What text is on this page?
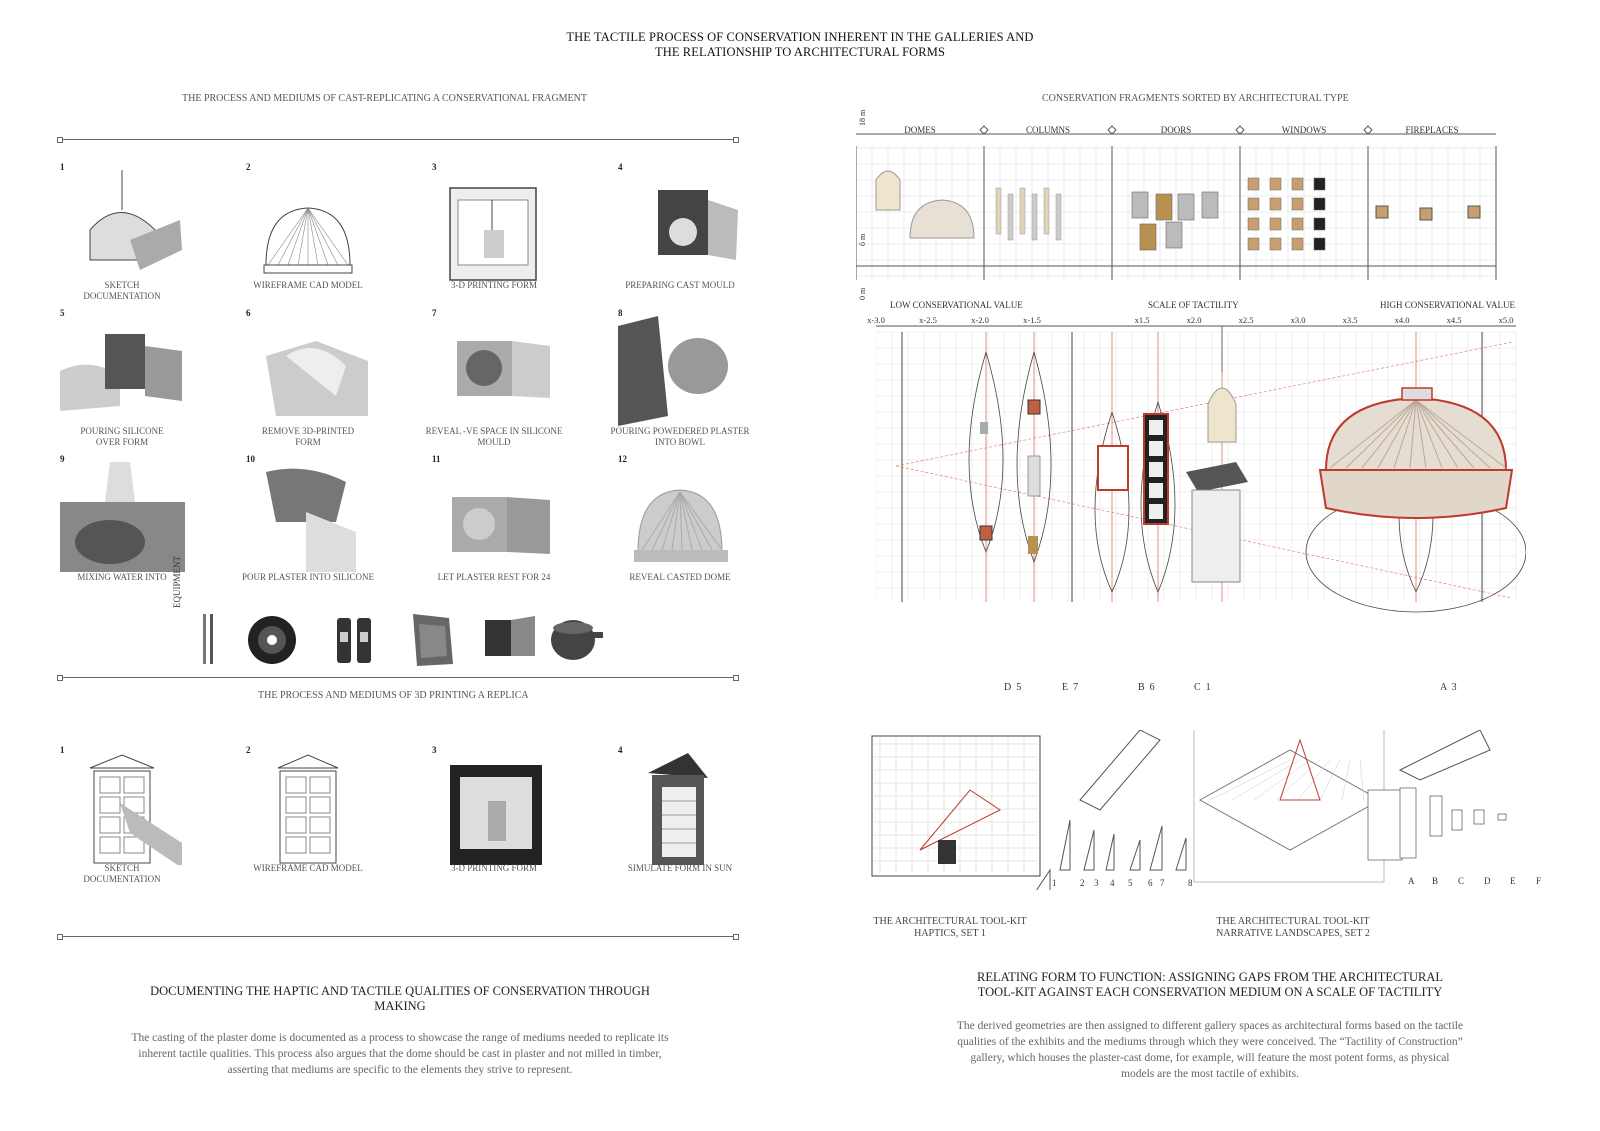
THE TACTILE PROCESS OF CONSERVATION INHERENT IN THE GALLERIES AND
THE RELATIONSHIP TO ARCHITECTURAL FORMS
THE PROCESS AND MEDIUMS OF CAST-REPLICATING A CONSERVATIONAL FRAGMENT
1
SKETCH
DOCUMENTATION
2
WIREFRAME CAD MODEL
3
3-D PRINTING FORM
4
PREPARING CAST MOULD
5
POURING SILICONE
OVER FORM
6
REMOVE 3D-PRINTED
FORM
7
REVEAL -VE SPACE IN SILICONE
MOULD
8
POURING POWEDERED PLASTER
INTO BOWL
9
MIXING WATER INTO
10
POUR PLASTER INTO SILICONE
11
LET PLASTER REST FOR 24
12
REVEAL CASTED DOME
EQUIPMENT
THE PROCESS AND MEDIUMS OF 3D PRINTING A REPLICA
1
SKETCH
DOCUMENTATION
2
WIREFRAME CAD MODEL
3
3-D PRINTING FORM
4
SIMULATE FORM IN SUN
DOCUMENTING THE HAPTIC AND TACTILE QUALITIES OF CONSERVATION THROUGH
MAKING
The casting of the plaster dome is documented as a process to showcase the range of mediums needed to replicate its inherent tactile qualities. This process also argues that the dome should be cast in plaster and not milled in timber, asserting that mediums are specific to the elements they strive to represent.
CONSERVATION FRAGMENTS SORTED BY ARCHITECTURAL TYPE
18 m
6 m
0 m
DOMES	COLUMNS	DOORS	WINDOWS	FIREPLACES
LOW CONSERVATIONAL VALUE	SCALE OF TACTILITY	HIGH CONSERVATIONAL VALUE
x-3.0	x-2.5	x-2.0	x-1.5	x1.5	x2.0	x2.5	x3.0	x3.5	x4.0	x4.5	x5.0
D  5	E  7	B  6	C  1	A  3
1	2 3 4 5 6 7	8	A B C D E F
THE ARCHITECTURAL TOOL-KIT
HAPTICS, SET 1
THE ARCHITECTURAL TOOL-KIT
NARRATIVE LANDSCAPES, SET 2
RELATING FORM TO FUNCTION: ASSIGNING GAPS FROM THE ARCHITECTURAL
TOOL-KIT AGAINST EACH CONSERVATION MEDIUM ON A SCALE OF TACTILITY
The derived geometries are then assigned to different gallery spaces as architectural forms based on the tactile qualities of the exhibits and the mediums through which they were conceived. The “Tactility of Construction” gallery, which houses the plaster-cast dome, for example, will feature the most potent forms, as physical models are the most tactile of exhibits.
